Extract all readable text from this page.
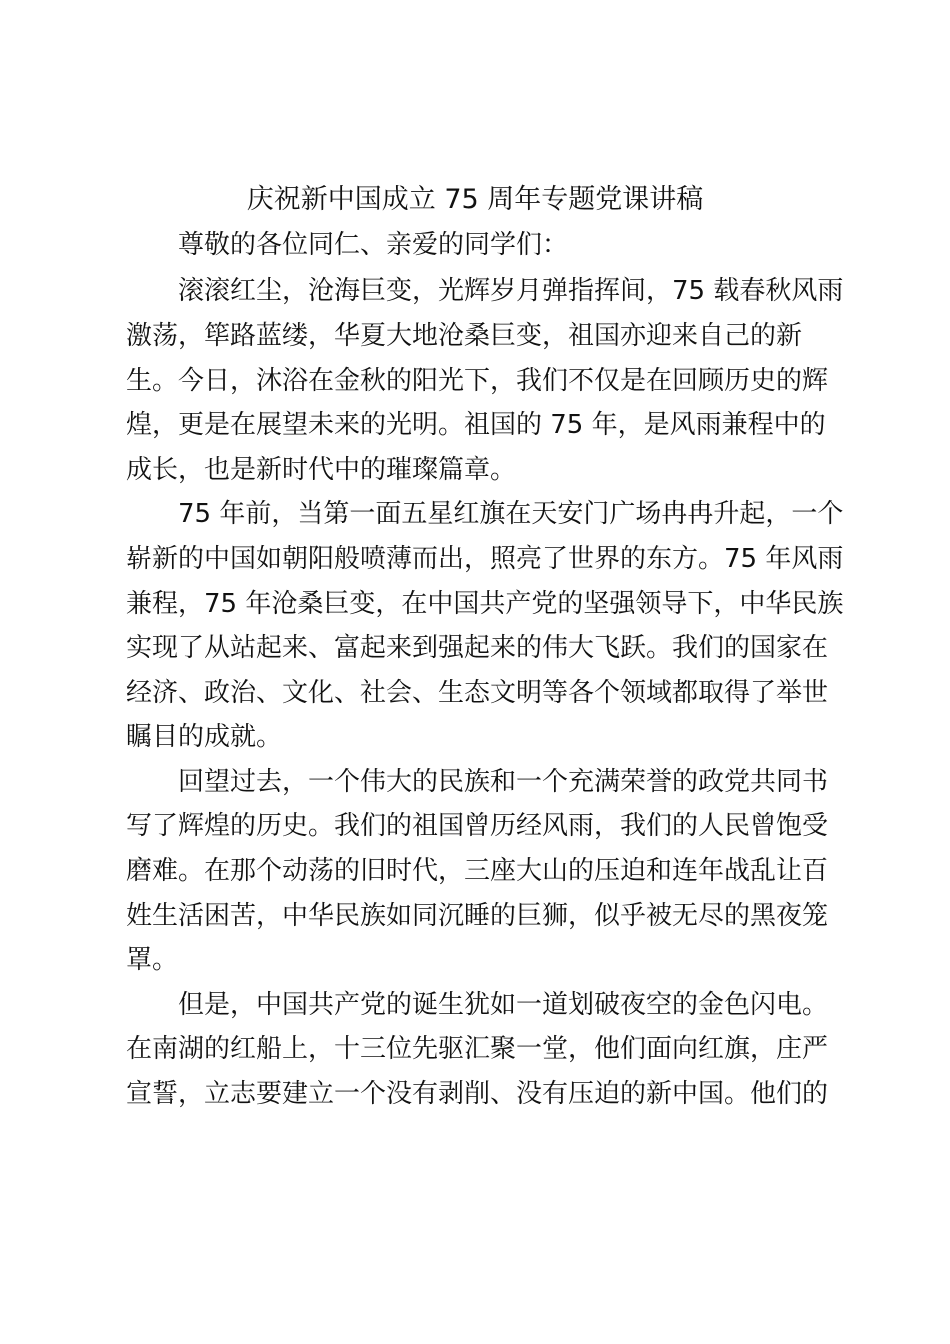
庆祝新中国成立 75 周年专题党课讲稿
尊敬的各位同仁、亲爱的同学们：
滚滚红尘，沧海巨变，光辉岁月弹指挥间，75 载春秋风雨
激荡，筚路蓝缕，华夏大地沧桑巨变，祖国亦迎来自己的新
生。今日，沐浴在金秋的阳光下，我们不仅是在回顾历史的辉
煌，更是在展望未来的光明。祖国的 75 年，是风雨兼程中的
成长，也是新时代中的璀璨篇章。
75 年前，当第一面五星红旗在天安门广场冉冉升起，一个
崭新的中国如朝阳般喷薄而出，照亮了世界的东方。75 年风雨
兼程，75 年沧桑巨变，在中国共产党的坚强领导下，中华民族
实现了从站起来、富起来到强起来的伟大飞跃。我们的国家在
经济、政治、文化、社会、生态文明等各个领域都取得了举世
瞩目的成就。
回望过去，一个伟大的民族和一个充满荣誉的政党共同书
写了辉煌的历史。我们的祖国曾历经风雨，我们的人民曾饱受
磨难。在那个动荡的旧时代，三座大山的压迫和连年战乱让百
姓生活困苦，中华民族如同沉睡的巨狮，似乎被无尽的黑夜笼
罩。
但是，中国共产党的诞生犹如一道划破夜空的金色闪电。
在南湖的红船上，十三位先驱汇聚一堂，他们面向红旗，庄严
宣誓，立志要建立一个没有剥削、没有压迫的新中国。他们的
